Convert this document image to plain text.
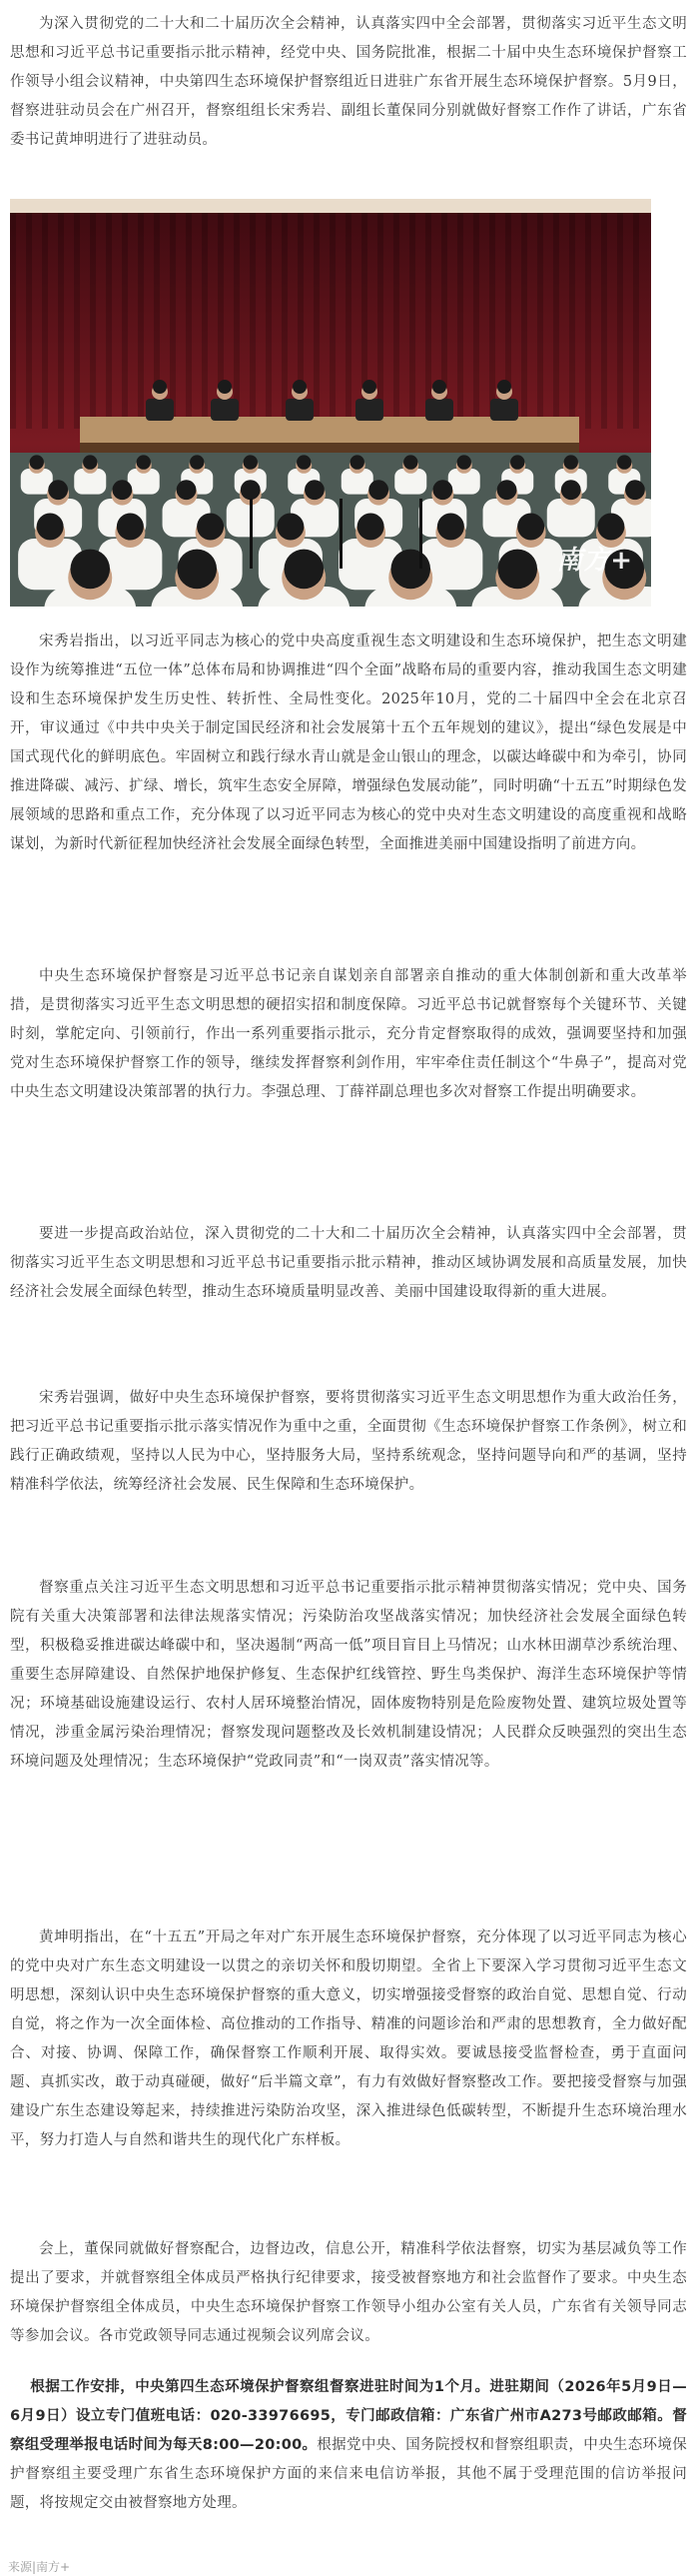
为深入贯彻党的二十大和二十届历次全会精神，认真落实四中全会部署，贯彻落实习近平生态文明思想和习近平总书记重要指示批示精神，经党中央、国务院批准，根据二十届中央生态环境保护督察工作领导小组会议精神，中央第四生态环境保护督察组近日进驻广东省开展生态环境保护督察。5月9日，督察进驻动员会在广州召开，督察组组长宋秀岩、副组长董保同分别就做好督察工作作了讲话，广东省委书记黄坤明进行了进驻动员。

南方+

宋秀岩指出，以习近平同志为核心的党中央高度重视生态文明建设和生态环境保护，把生态文明建设作为统筹推进“五位一体”总体布局和协调推进“四个全面”战略布局的重要内容，推动我国生态文明建设和生态环境保护发生历史性、转折性、全局性变化。2025年10月，党的二十届四中全会在北京召开，审议通过《中共中央关于制定国民经济和社会发展第十五个五年规划的建议》，提出“绿色发展是中国式现代化的鲜明底色。牢固树立和践行绿水青山就是金山银山的理念，以碳达峰碳中和为牵引，协同推进降碳、减污、扩绿、增长，筑牢生态安全屏障，增强绿色发展动能”，同时明确“十五五”时期绿色发展领域的思路和重点工作，充分体现了以习近平同志为核心的党中央对生态文明建设的高度重视和战略谋划，为新时代新征程加快经济社会发展全面绿色转型，全面推进美丽中国建设指明了前进方向。

中央生态环境保护督察是习近平总书记亲自谋划亲自部署亲自推动的重大体制创新和重大改革举措，是贯彻落实习近平生态文明思想的硬招实招和制度保障。习近平总书记就督察每个关键环节、关键时刻，掌舵定向、引领前行，作出一系列重要指示批示，充分肯定督察取得的成效，强调要坚持和加强党对生态环境保护督察工作的领导，继续发挥督察利剑作用，牢牢牵住责任制这个“牛鼻子”，提高对党中央生态文明建设决策部署的执行力。李强总理、丁薛祥副总理也多次对督察工作提出明确要求。

要进一步提高政治站位，深入贯彻党的二十大和二十届历次全会精神，认真落实四中全会部署，贯彻落实习近平生态文明思想和习近平总书记重要指示批示精神，推动区域协调发展和高质量发展，加快经济社会发展全面绿色转型，推动生态环境质量明显改善、美丽中国建设取得新的重大进展。

宋秀岩强调，做好中央生态环境保护督察，要将贯彻落实习近平生态文明思想作为重大政治任务，把习近平总书记重要指示批示落实情况作为重中之重，全面贯彻《生态环境保护督察工作条例》，树立和践行正确政绩观，坚持以人民为中心，坚持服务大局，坚持系统观念，坚持问题导向和严的基调，坚持精准科学依法，统筹经济社会发展、民生保障和生态环境保护。

督察重点关注习近平生态文明思想和习近平总书记重要指示批示精神贯彻落实情况；党中央、国务院有关重大决策部署和法律法规落实情况；污染防治攻坚战落实情况；加快经济社会发展全面绿色转型，积极稳妥推进碳达峰碳中和，坚决遏制“两高一低”项目盲目上马情况；山水林田湖草沙系统治理、重要生态屏障建设、自然保护地保护修复、生态保护红线管控、野生鸟类保护、海洋生态环境保护等情况；环境基础设施建设运行、农村人居环境整治情况，固体废物特别是危险废物处置、建筑垃圾处置等情况，涉重金属污染治理情况；督察发现问题整改及长效机制建设情况；人民群众反映强烈的突出生态环境问题及处理情况；生态环境保护“党政同责”和“一岗双责”落实情况等。

黄坤明指出，在“十五五”开局之年对广东开展生态环境保护督察，充分体现了以习近平同志为核心的党中央对广东生态文明建设一以贯之的亲切关怀和殷切期望。全省上下要深入学习贯彻习近平生态文明思想，深刻认识中央生态环境保护督察的重大意义，切实增强接受督察的政治自觉、思想自觉、行动自觉，将之作为一次全面体检、高位推动的工作指导、精准的问题诊治和严肃的思想教育，全力做好配合、对接、协调、保障工作，确保督察工作顺利开展、取得实效。要诚恳接受监督检查，勇于直面问题、真抓实改，敢于动真碰硬，做好“后半篇文章”，有力有效做好督察整改工作。要把接受督察与加强建设广东生态建设筹起来，持续推进污染防治攻坚，深入推进绿色低碳转型，不断提升生态环境治理水平，努力打造人与自然和谐共生的现代化广东样板。

会上，董保同就做好督察配合，边督边改，信息公开，精准科学依法督察，切实为基层减负等工作提出了要求，并就督察组全体成员严格执行纪律要求，接受被督察地方和社会监督作了要求。中央生态环境保护督察组全体成员，中央生态环境保护督察工作领导小组办公室有关人员，广东省有关领导同志等参加会议。各市党政领导同志通过视频会议列席会议。

根据工作安排，中央第四生态环境保护督察组督察进驻时间为1个月。进驻期间（2026年5月9日—6月9日）设立专门值班电话：020-33976695，专门邮政信箱：广东省广州市A273号邮政邮箱。督察组受理举报电话时间为每天8:00—20:00。根据党中央、国务院授权和督察组职责，中央生态环境保护督察组主要受理广东省生态环境保护方面的来信来电信访举报，其他不属于受理范围的信访举报问题，将按规定交由被督察地方处理。

来源|南方+
